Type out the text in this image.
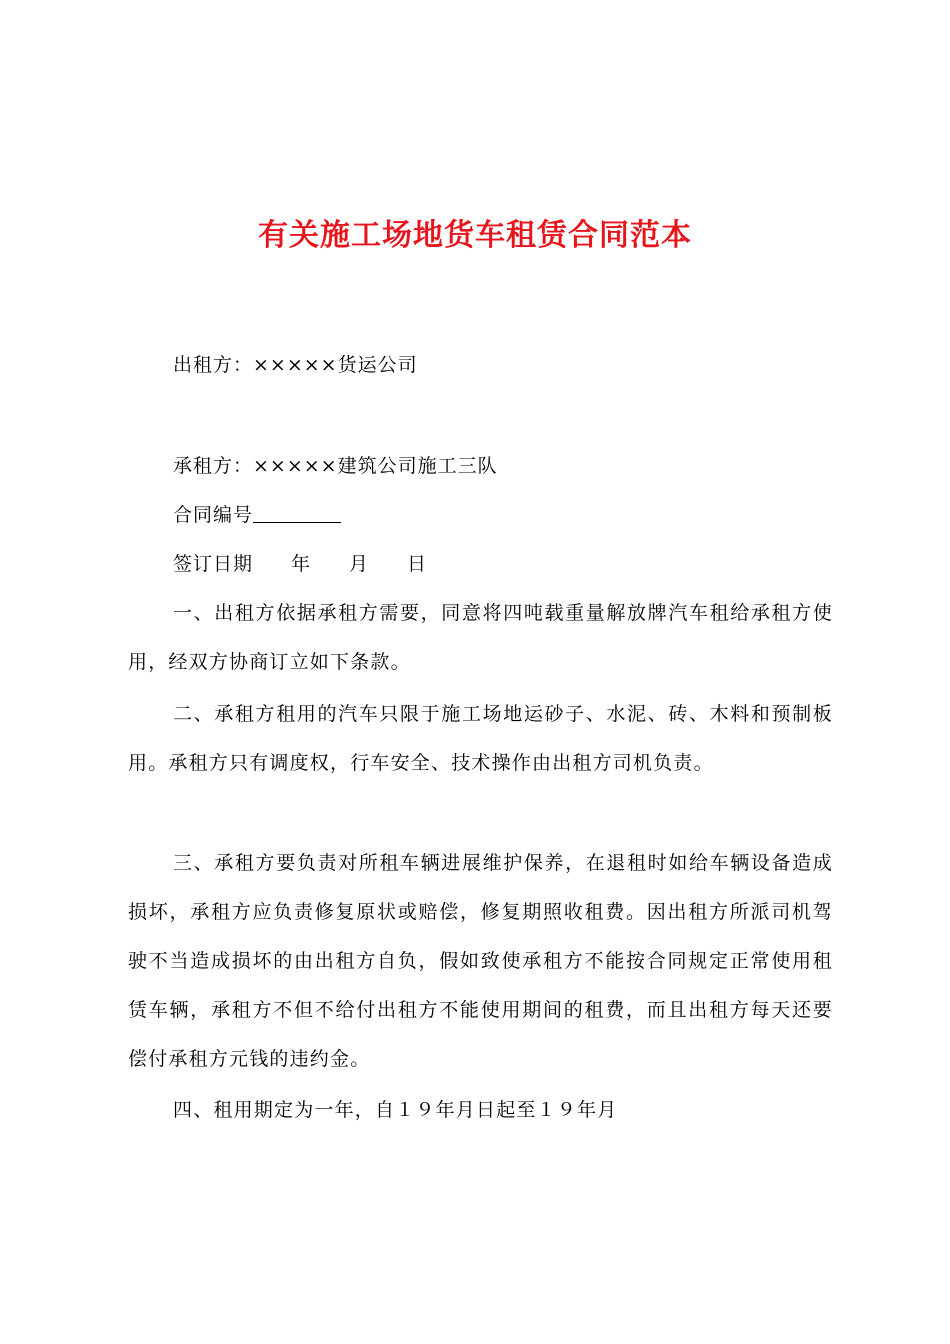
有关施工场地货车租赁合同范本
出租方：×××××货运公司
承租方：×××××建筑公司施工三队
合同编号
签订日期 年 月 日

一、出租方依据承租方需要，同意将四吨载重量解放牌汽车租给承租方使用，经双方协商订立如下条款。

二、承租方租用的汽车只限于施工场地运砂子、水泥、砖、木料和预制板用。承租方只有调度权，行车安全、技术操作由出租方司机负责。

三、承租方要负责对所租车辆进展维护保养，在退租时如给车辆设备造成损坏，承租方应负责修复原状或赔偿，修复期照收租费。因出租方所派司机驾驶不当造成损坏的由出租方自负，假如致使承租方不能按合同规定正常使用租赁车辆，承租方不但不给付出租方不能使用期间的租费，而且出租方每天还要偿付承租方元钱的违约金。

四、租用期定为一年，自１９年月日起至１９年月
